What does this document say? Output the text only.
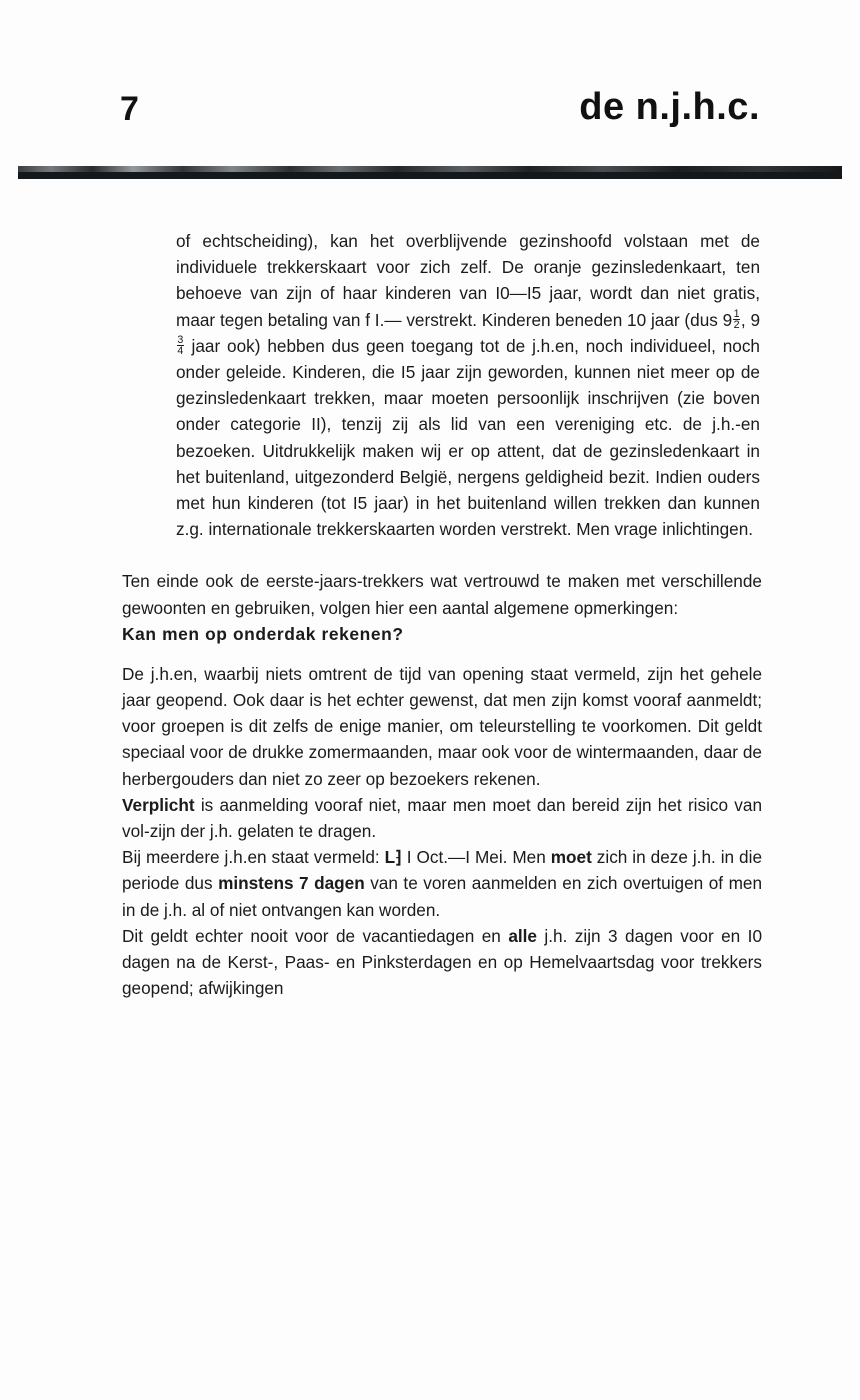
7	de n.j.h.c.

of echtscheiding), kan het overblijvende gezinshoofd volstaan met de individuele trekkerskaart voor zich zelf. De oranje gezinsledenkaart, ten behoeve van zijn of haar kinderen van I0—I5 jaar, wordt dan niet gratis, maar tegen betaling van f I.— verstrekt. Kinderen beneden 10 jaar (dus $9 \frac{1}{2}$ , 9
$\frac{3}{4}$ jaar ook) hebben dus geen toegang tot de j.h.en, noch individueel, noch onder geleide. Kinderen, die I5 jaar zijn geworden, kunnen niet meer op de gezinsledenkaart trekken, maar moeten persoonlijk inschrijven (zie boven onder categorie II), tenzij zij als lid van een vereniging etc. de j.h.-en bezoeken. Uitdrukkelijk maken wij er op attent, dat de gezinsledenkaart in het buitenland, uitgezonderd België, nergens geldigheid bezit. Indien ouders met hun kinderen (tot I5 jaar) in het buitenland willen trekken dan kunnen z.g. internationale trekkerskaarten worden verstrekt. Men vrage inlichtingen.

Ten einde ook de eerste-jaars-trekkers wat vertrouwd te maken met verschillende gewoonten en gebruiken, volgen hier een aantal algemene opmerkingen:

Kan men op onderdak rekenen?

De j.h.en, waarbij niets omtrent de tijd van opening staat vermeld, zijn het gehele jaar geopend. Ook daar is het echter gewenst, dat men zijn komst vooraf aanmeldt; voor groepen is dit zelfs de enige manier, om teleurstelling te voorkomen. Dit geldt speciaal voor de drukke zomermaanden, maar ook voor de wintermaanden, daar de herbergouders dan niet zo zeer op bezoekers rekenen.

Verplicht is aanmelding vooraf niet, maar men moet dan bereid zijn het risico van vol-zijn der j.h. gelaten te dragen.

Bij meerdere j.h.en staat vermeld: L⁆ I Oct.—I Mei. Men moet zich in deze j.h. in die periode dus minstens 7 dagen van te voren aanmelden en zich overtuigen of men in de j.h. al of niet ontvangen kan worden.

Dit geldt echter nooit voor de vacantiedagen en alle j.h. zijn 3 dagen voor en I0 dagen na de Kerst-, Paas- en Pinksterdagen en op Hemelvaartsdag voor trekkers geopend; afwijkingen
